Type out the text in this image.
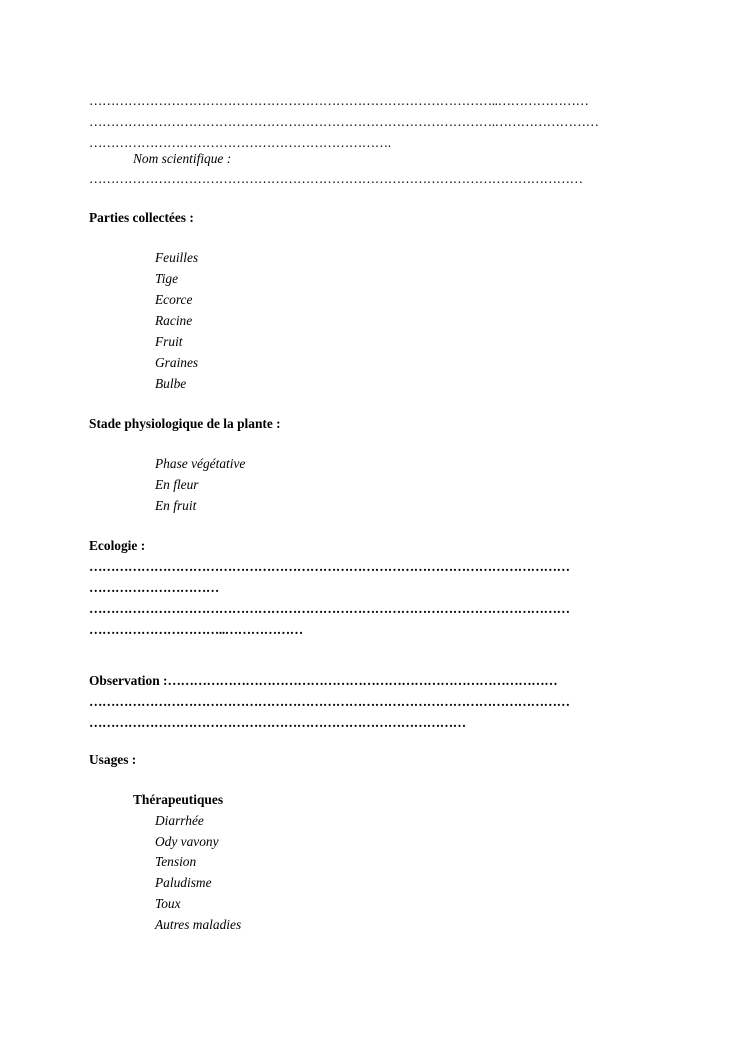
…………………………………………………………………………………..…………………
………………………………………………………………………………….……………………
…………………………………………………………….
Nom scientifique :
……………………………………………………………………………………………………
Parties collectées :
Feuilles
Tige
Ecorce
Racine
Fruit
Graines
Bulbe
Stade physiologique de la plante :
Phase végétative
En fleur
En fruit
Ecologie :
…………………………………………………………………………………………………
…………………………
…………………………………………………………………………………………………
…………………………..………………
Observation :………………………………………………………………………………
…………………………………………………………………………………………………
……………………………………………………………………………
Usages :
Thérapeutiques
Diarrhée
Ody vavony
Tension
Paludisme
Toux
Autres maladies
